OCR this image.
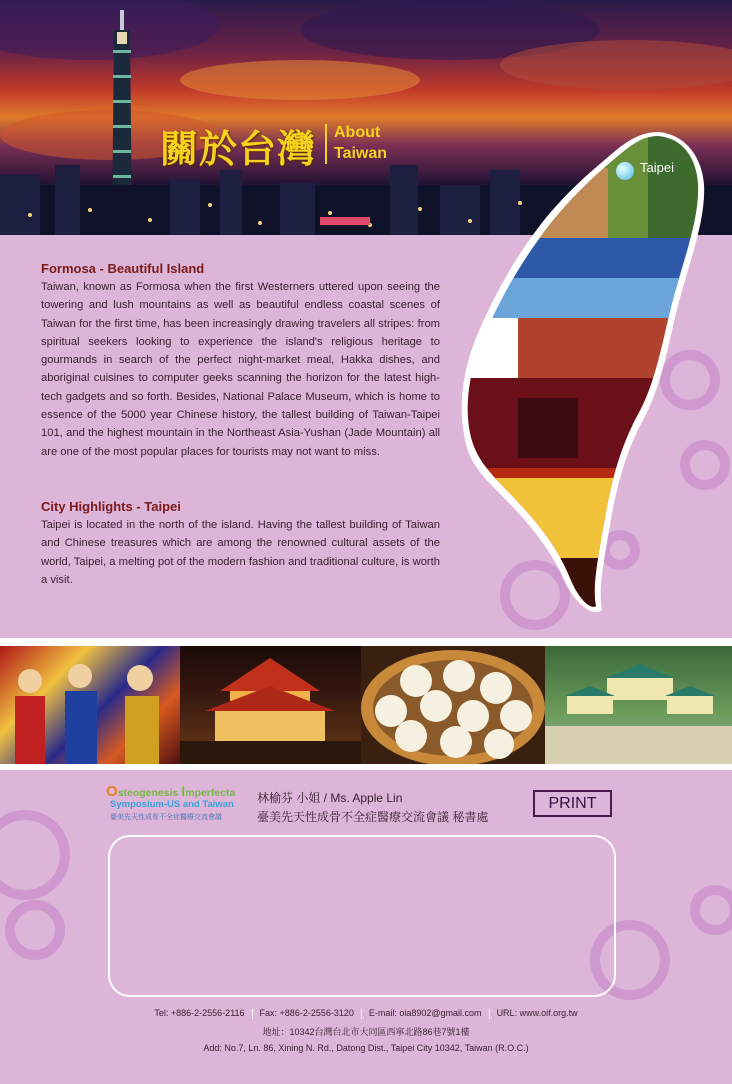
關於台灣 About
Taiwan
Taipei
Formosa - Beautiful Island
Taiwan, known as Formosa when the first Westerners uttered upon seeing the towering and lush mountains as well as beautiful endless coastal scenes of Taiwan for the first time, has been increasingly drawing travelers all stripes: from spiritual seekers looking to experience the island's religious heritage to gourmands in search of the perfect night-market meal, Hakka dishes, and aboriginal cuisines to computer geeks scanning the horizon for the latest high-tech gadgets and so forth. Besides, National Palace Museum, which is home to essence of the 5000 year Chinese history, the tallest building of Taiwan-Taipei 101, and the highest mountain in the Northeast Asia-Yushan (Jade Mountain) all are one of the most popular places for tourists may not want to miss.
City Highlights - Taipei
Taipei is located in the north of the island. Having the tallest building of Taiwan and Chinese treasures which are among the renowned cultural assets of the world, Taipei, a melting pot of the modern fashion and traditional culture, is worth a visit.
Osteogenesis Imperfecta
Symposium-US and Taiwan
臺美先天性成骨不全症醫療交流會議
林榆芬 小姐 / Ms. Apple Lin
臺美先天性成骨不全症醫療交流會議 秘書處
PRINT
Tel: +886-2-2556-2116 Fax: +886-2-2556-3120 E-mail: oia8902@gmail.com URL: www.oif.org.tw
地址：10342台灣台北市大同區西寧北路86巷7號1樓
Add: No.7, Ln. 86, Xining N. Rd., Datong Dist., Taipei City 10342, Taiwan (R.O.C.)
